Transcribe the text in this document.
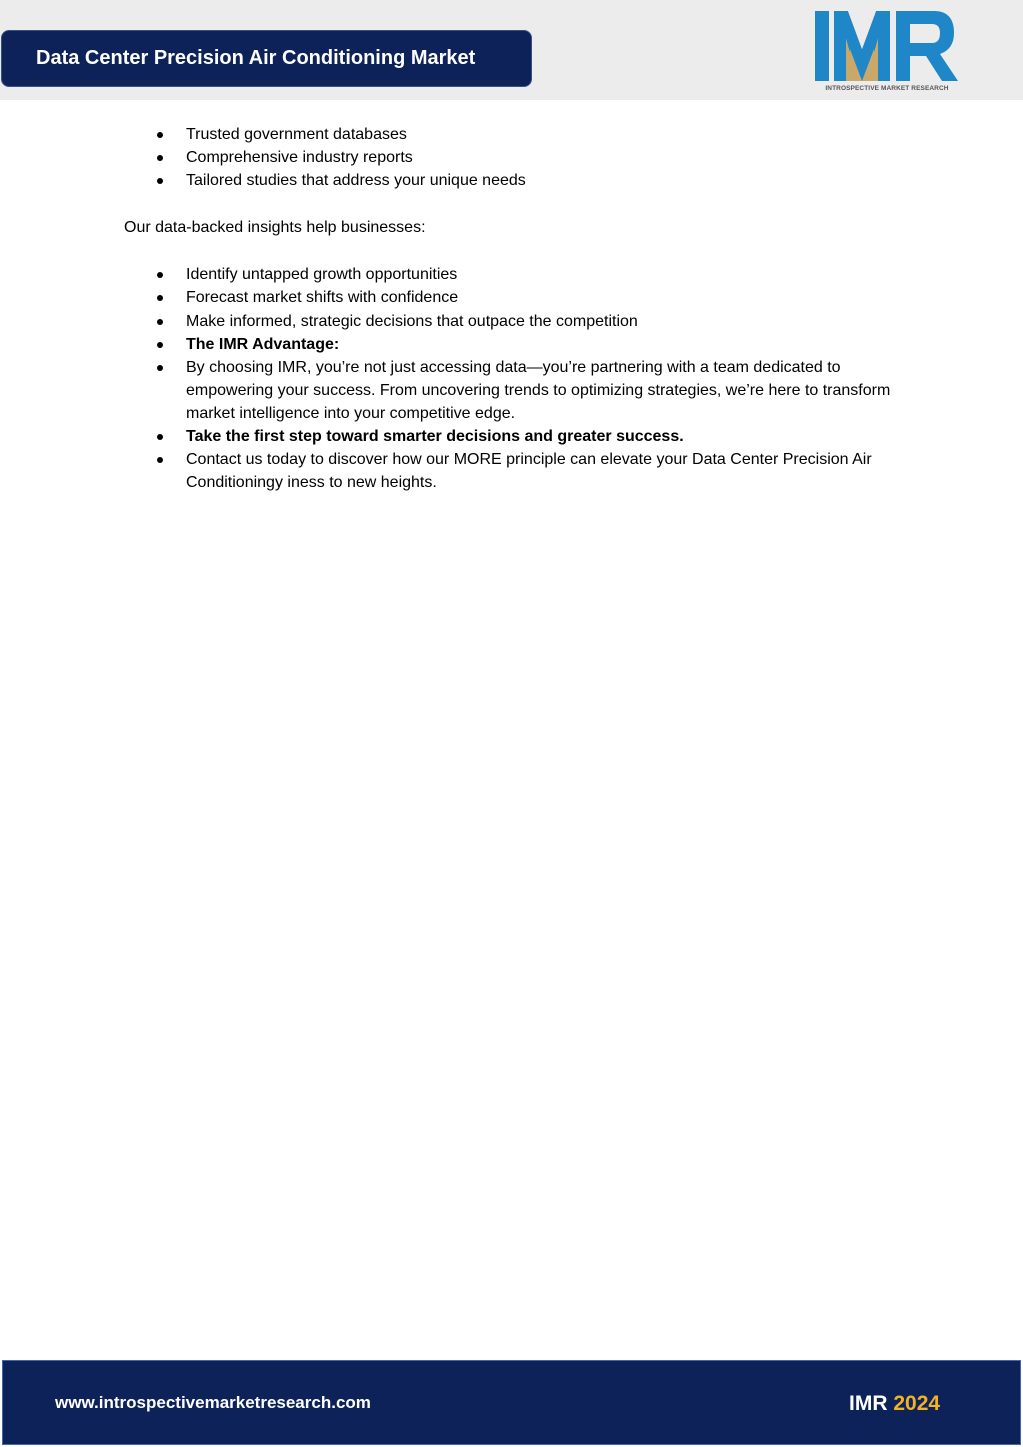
Data Center Precision Air Conditioning Market
INTROSPECTIVE MARKET RESEARCH
Trusted government databases
Comprehensive industry reports
Tailored studies that address your unique needs

Our data-backed insights help businesses:

Identify untapped growth opportunities
Forecast market shifts with confidence
Make informed, strategic decisions that outpace the competition
The IMR Advantage:
By choosing IMR, you’re not just accessing data—you’re partnering with a team dedicated to empowering your success. From uncovering trends to optimizing strategies, we’re here to transform market intelligence into your competitive edge.
Take the first step toward smarter decisions and greater success.
Contact us today to discover how our MORE principle can elevate your Data Center Precision Air Conditioningy iness to new heights.
www.introspectivemarketresearch.com	IMR 2024
